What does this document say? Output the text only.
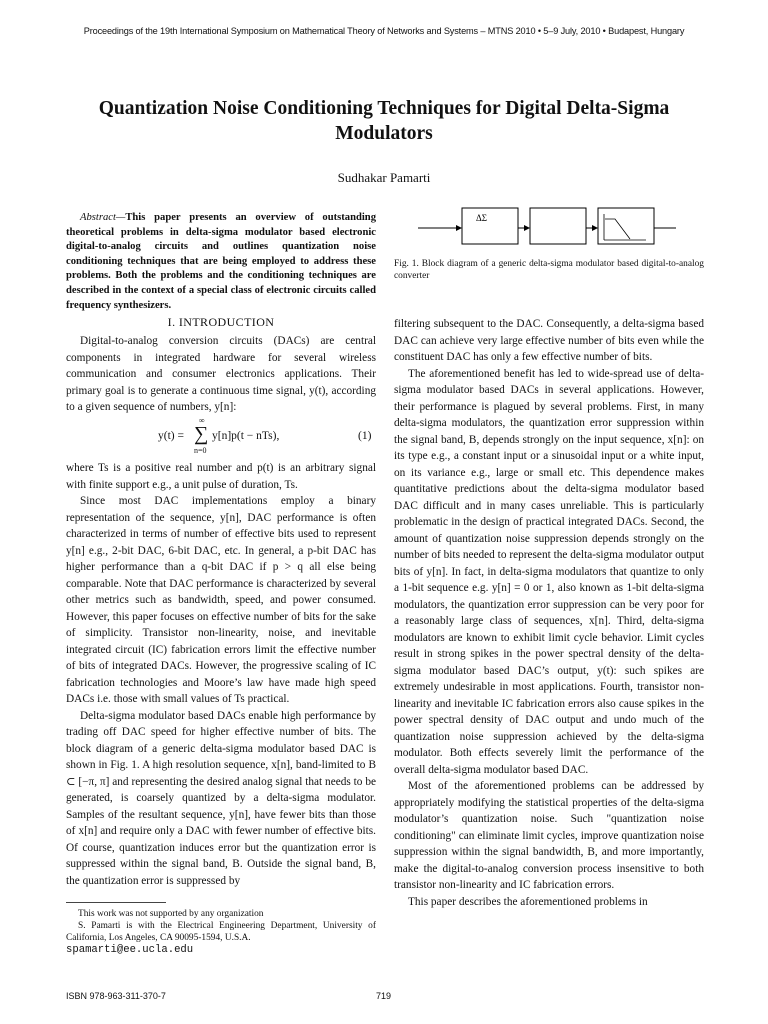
Proceedings of the 19th International Symposium on Mathematical Theory of Networks and Systems – MTNS 2010 • 5–9 July, 2010 • Budapest, Hungary
Quantization Noise Conditioning Techniques for Digital Delta-Sigma Modulators
Sudhakar Pamarti
Abstract—This paper presents an overview of outstanding theoretical problems in delta-sigma modulator based electronic digital-to-analog circuits and outlines quantization noise conditioning techniques that are being employed to address these problems. Both the problems and the conditioning techniques are described in the context of a special class of electronic circuits called frequency synthesizers.
I. INTRODUCTION

Digital-to-analog conversion circuits (DACs) are central components in integrated hardware for several wireless communication and consumer electronics applications. Their primary goal is to generate a continuous time signal, y(t), according to a given sequence of numbers, y[n]:

y(t) =
∞
∑
n=0
y[n]p(t − nTs),	(1)

where Ts is a positive real number and p(t) is an arbitrary signal with finite support e.g., a unit pulse of duration, Ts.

Since most DAC implementations employ a binary representation of the sequence, y[n], DAC performance is often characterized in terms of number of effective bits used to represent y[n] e.g., 2-bit DAC, 6-bit DAC, etc. In general, a p-bit DAC has higher performance than a q-bit DAC if p > q all else being comparable. Note that DAC performance is characterized by several other metrics such as bandwidth, speed, and power consumed. However, this paper focuses on effective number of bits for the sake of simplicity. Transistor non-linearity, noise, and inevitable integrated circuit (IC) fabrication errors limit the effective number of bits of integrated DACs. However, the progressive scaling of IC fabrication technologies and Moore’s law have made high speed DACs i.e. those with small values of Ts practical.

Delta-sigma modulator based DACs enable high performance by trading off DAC speed for higher effective number of bits. The block diagram of a generic delta-sigma modulator based DAC is shown in Fig. 1. A high resolution sequence, x[n], band-limited to B ⊂ [−π, π] and representing the desired analog signal that needs to be generated, is coarsely quantized by a delta-sigma modulator. Samples of the resultant sequence, y[n], have fewer bits than those of x[n] and require only a DAC with fewer number of effective bits. Of course, quantization induces error but the quantization error is suppressed within the signal band, B. Outside the signal band, B, the quantization error is suppressed by

This work was not supported by any organization
S. Pamarti is with the Electrical Engineering Department, University of California, Los Angeles, CA 90095-1594, U.S.A.
spamarti@ee.ucla.edu
ΔΣ
Fig. 1. Block diagram of a generic delta-sigma modulator based digital-to-analog converter

filtering subsequent to the DAC. Consequently, a delta-sigma based DAC can achieve very large effective number of bits even while the constituent DAC has only a few effective number of bits.

The aforementioned benefit has led to wide-spread use of delta-sigma modulator based DACs in several applications. However, their performance is plagued by several problems. First, in many delta-sigma modulators, the quantization error suppression within the signal band, B, depends strongly on the input sequence, x[n]: on its type e.g., a constant input or a sinusoidal input or a white input, on its variance e.g., large or small etc. This dependence makes quantitative predictions about the delta-sigma modulator based DAC difficult and in many cases unreliable. This is particularly problematic in the design of practical integrated DACs. Second, the amount of quantization noise suppression depends strongly on the number of bits needed to represent the delta-sigma modulator output bits of y[n]. In fact, in delta-sigma modulators that quantize to only a 1-bit sequence e.g. y[n] = 0 or 1, also known as 1-bit delta-sigma modulators, the quantization error suppression can be very poor for a reasonably large class of sequences, x[n]. Third, delta-sigma modulators are known to exhibit limit cycle behavior. Limit cycles result in strong spikes in the power spectral density of the delta-sigma modulator based DAC’s output, y(t): such spikes are extremely undesirable in most applications. Fourth, transistor non-linearity and inevitable IC fabrication errors also cause spikes in the power spectral density of DAC output and undo much of the quantization noise suppression achieved by the delta-sigma modulator. Both effects severely limit the performance of the overall delta-sigma modulator based DAC.

Most of the aforementioned problems can be addressed by appropriately modifying the statistical properties of the delta-sigma modulator’s quantization noise. Such "quantization noise conditioning" can eliminate limit cycles, improve quantization noise suppression within the signal bandwidth, B, and more importantly, make the digital-to-analog conversion process insensitive to both transistor non-linearity and IC fabrication errors.

This paper describes the aforementioned problems in

ISBN 978-963-311-370-7	719
